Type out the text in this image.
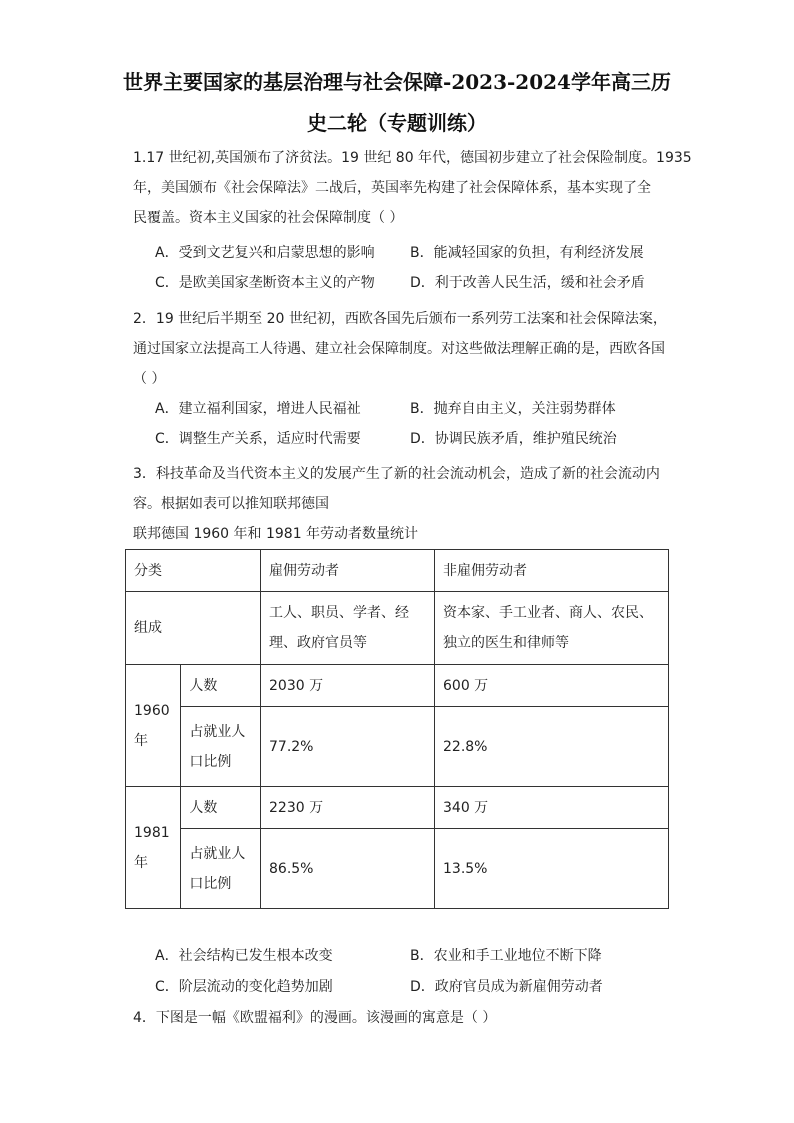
世界主要国家的基层治理与社会保障-2023-2024学年高三历
史二轮（专题训练）
1.17 世纪初,英国颁布了济贫法。19 世纪 80 年代，德国初步建立了社会保险制度。1935
年，美国颁布《社会保障法》二战后，英国率先构建了社会保障体系，基本实现了全
民覆盖。资本主义国家的社会保障制度（ ）
A．受到文艺复兴和启蒙思想的影响	B．能减轻国家的负担，有利经济发展
C．是欧美国家垄断资本主义的产物	D．利于改善人民生活，缓和社会矛盾
2．19 世纪后半期至 20 世纪初，西欧各国先后颁布一系列劳工法案和社会保障法案，
通过国家立法提高工人待遇、建立社会保障制度。对这些做法理解正确的是，西欧各国
（ ）
A．建立福利国家，增进人民福祉	B．抛弃自由主义，关注弱势群体
C．调整生产关系，适应时代需要	D．协调民族矛盾，维护殖民统治
3．科技革命及当代资本主义的发展产生了新的社会流动机会，造成了新的社会流动内
容。根据如表可以推知联邦德国
联邦德国 1960 年和 1981 年劳动者数量统计
分类		雇佣劳动者	非雇佣劳动者
组成		工人、职员、学者、经理、政府官员等	资本家、手工业者、商人、农民、独立的医生和律师等
1960 年	人数	2030 万	600 万
	占就业人口比例	77.2%	22.8%
1981 年	人数	2230 万	340 万
	占就业人口比例	86.5%	13.5%
A．社会结构已发生根本改变	B．农业和手工业地位不断下降
C．阶层流动的变化趋势加剧	D．政府官员成为新雇佣劳动者
4．下图是一幅《欧盟福利》的漫画。该漫画的寓意是（ ）
